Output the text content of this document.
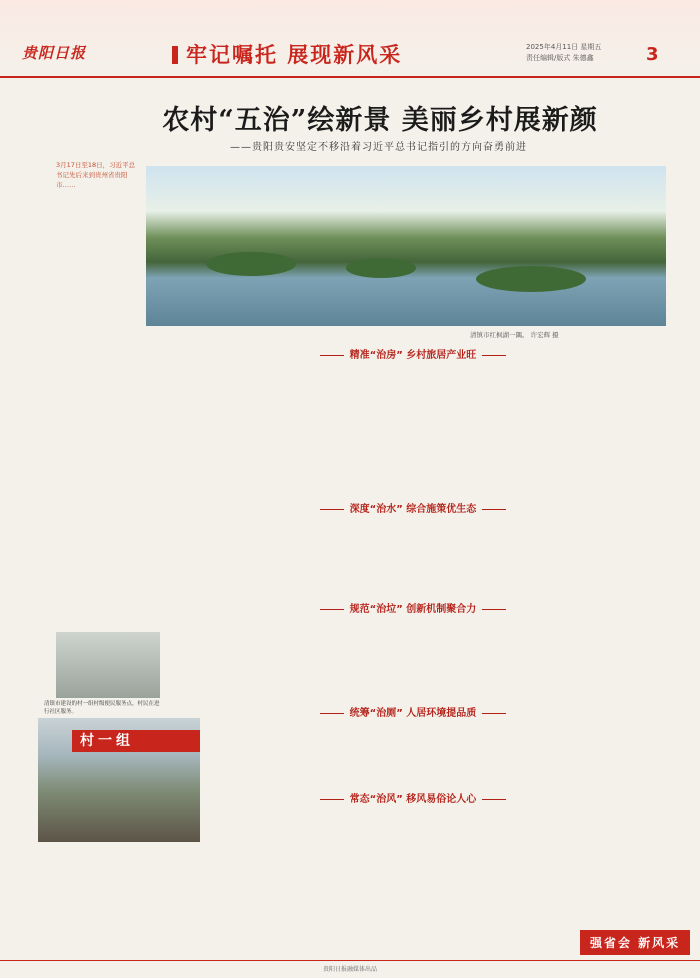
贵阳日报	牢记嘱托 展现新风采	2025年4月11日 星期五
责任编辑/版式 朱德鑫	3
农村“五治”绘新景 美丽乡村展新颜
——贵阳贵安坚定不移沿着习近平总书记指引的方向奋勇前进
3月17日至18日，习近平总书记先后来到贵州省贵阳市……
清镇市红枫湖一隅。 许宏辉 摄
精准“治房” 乡村旅居产业旺
深度“治水” 综合施策优生态
规范“治垃” 创新机制聚合力
清镇市建设的村一组村级便民服务点，村民在进行社区服务。
村一组
统筹“治厕” 人居环境提品质
常态“治风” 移风易俗论人心
强省会 新风采
贵阳日报融媒体出品
